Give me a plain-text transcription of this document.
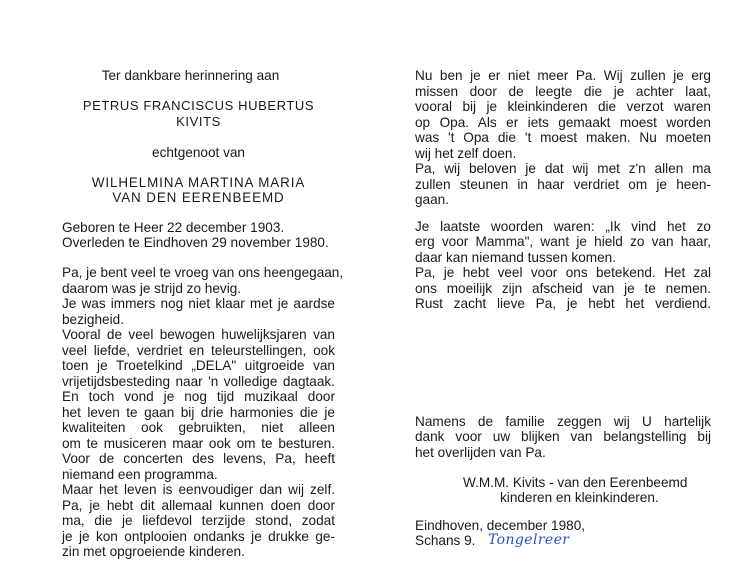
Ter dankbare herinnering aan
PETRUS FRANCISCUS HUBERTUS
KIVITS
echtgenoot van
WILHELMINA MARTINA MARIA
VAN DEN EERENBEEMD
Geboren te Heer 22 december 1903.
Overleden te Eindhoven 29 november 1980.
Pa, je bent veel te vroeg van ons heengegaan,
daarom was je strijd zo hevig.
Je was immers nog niet klaar met je aardse
bezigheid.
Vooral de veel bewogen huwelijksjaren van
veel liefde, verdriet en teleurstellingen, ook
toen je Troetelkind „DELA" uitgroeide van
vrijetijdsbesteding naar 'n volledige dagtaak.
En toch vond je nog tijd muzikaal door
het leven te gaan bij drie harmonies die je
kwaliteiten ook gebruikten, niet alleen
om te musiceren maar ook om te besturen.
Voor de concerten des levens, Pa, heeft
niemand een programma.
Maar het leven is eenvoudiger dan wij zelf.
Pa, je hebt dit allemaal kunnen doen door
ma, die je liefdevol terzijde stond, zodat
je je kon ontplooien ondanks je drukke ge-
zin met opgroeiende kinderen.
Nu ben je er niet meer Pa. Wij zullen je erg
missen door de leegte die je achter laat,
vooral bij je kleinkinderen die verzot waren
op Opa. Als er iets gemaakt moest worden
was 't Opa die 't moest maken. Nu moeten
wij het zelf doen.
Pa, wij beloven je dat wij met z'n allen ma
zullen steunen in haar verdriet om je heen-
gaan.
Je laatste woorden waren: „Ik vind het zo
erg voor Mamma", want je hield zo van haar,
daar kan niemand tussen komen.
Pa, je hebt veel voor ons betekend. Het zal
ons moeilijk zijn afscheid van je te nemen.
Rust zacht lieve Pa, je hebt het verdiend.
Namens de familie zeggen wij U hartelijk
dank voor uw blijken van belangstelling bij
het overlijden van Pa.
W.M.M. Kivits - van den Eerenbeemd
kinderen en kleinkinderen.
Eindhoven, december 1980,
Schans 9. Tongelreer
